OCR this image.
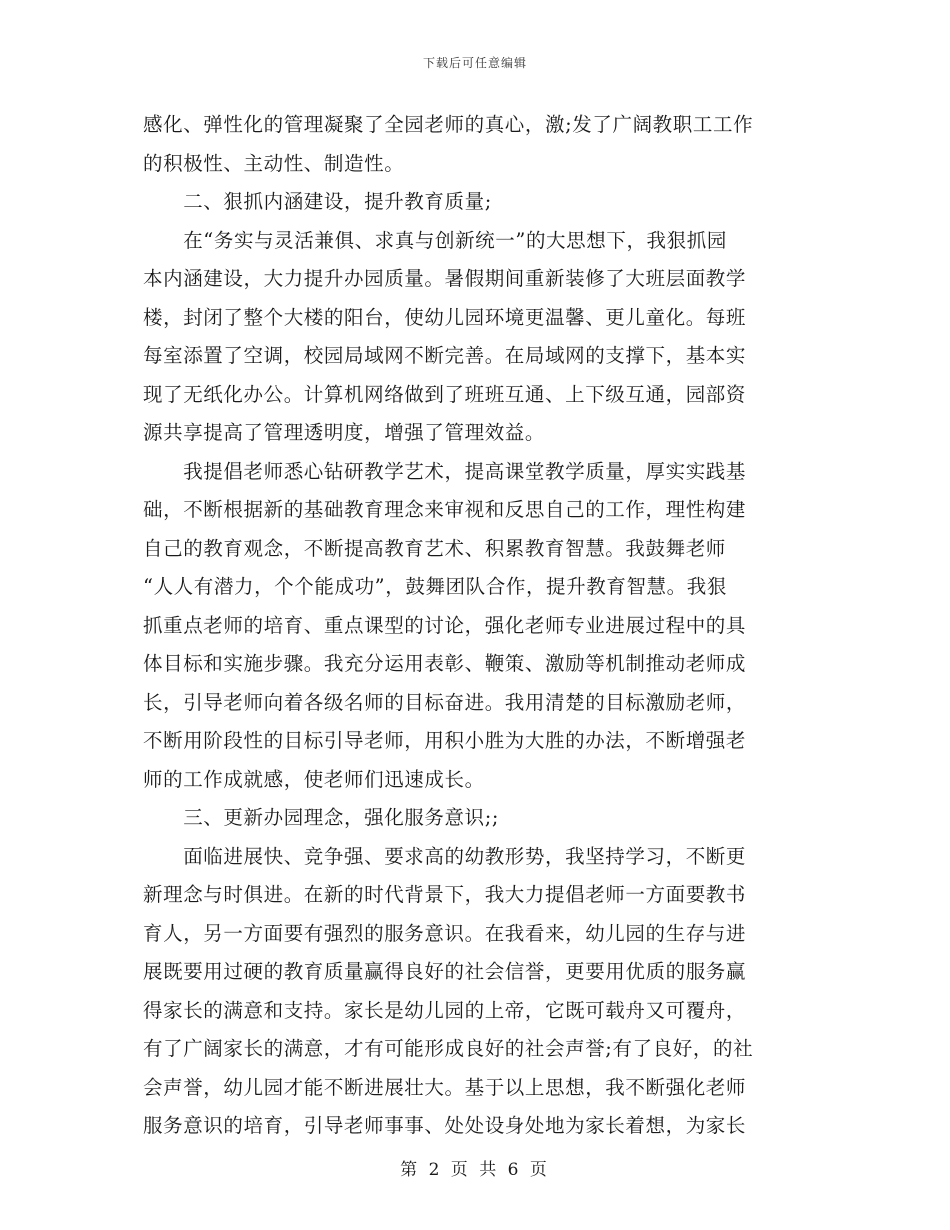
下载后可任意编辑
感化、弹性化的管理凝聚了全园老师的真心，激;发了广阔教职工工作
的积极性、主动性、制造性。
　　二、狠抓内涵建设，提升教育质量;
　　在“务实与灵活兼俱、求真与创新统一”的大思想下，我狠抓园
本内涵建设，大力提升办园质量。暑假期间重新装修了大班层面教学
楼，封闭了整个大楼的阳台，使幼儿园环境更温馨、更儿童化。每班
每室添置了空调，校园局域网不断完善。在局域网的支撑下，基本实
现了无纸化办公。计算机网络做到了班班互通、上下级互通，园部资
源共享提高了管理透明度，增强了管理效益。
　　我提倡老师悉心钻研教学艺术，提高课堂教学质量，厚实实践基
础，不断根据新的基础教育理念来审视和反思自己的工作，理性构建
自己的教育观念，不断提高教育艺术、积累教育智慧。我鼓舞老师
“人人有潜力，个个能成功”，鼓舞团队合作，提升教育智慧。我狠
抓重点老师的培育、重点课型的讨论，强化老师专业进展过程中的具
体目标和实施步骤。我充分运用表彰、鞭策、激励等机制推动老师成
长，引导老师向着各级名师的目标奋进。我用清楚的目标激励老师，
不断用阶段性的目标引导老师，用积小胜为大胜的办法，不断增强老
师的工作成就感，使老师们迅速成长。
　　三、更新办园理念，强化服务意识;;
　　面临进展快、竞争强、要求高的幼教形势，我坚持学习，不断更
新理念与时俱进。在新的时代背景下，我大力提倡老师一方面要教书
育人，另一方面要有强烈的服务意识。在我看来，幼儿园的生存与进
展既要用过硬的教育质量赢得良好的社会信誉，更要用优质的服务赢
得家长的满意和支持。家长是幼儿园的上帝，它既可载舟又可覆舟，
有了广阔家长的满意，才有可能形成良好的社会声誉;有了良好，的社
会声誉，幼儿园才能不断进展壮大。基于以上思想，我不断强化老师
服务意识的培育，引导老师事事、处处设身处地为家长着想，为家长
第 2 页 共 6 页
